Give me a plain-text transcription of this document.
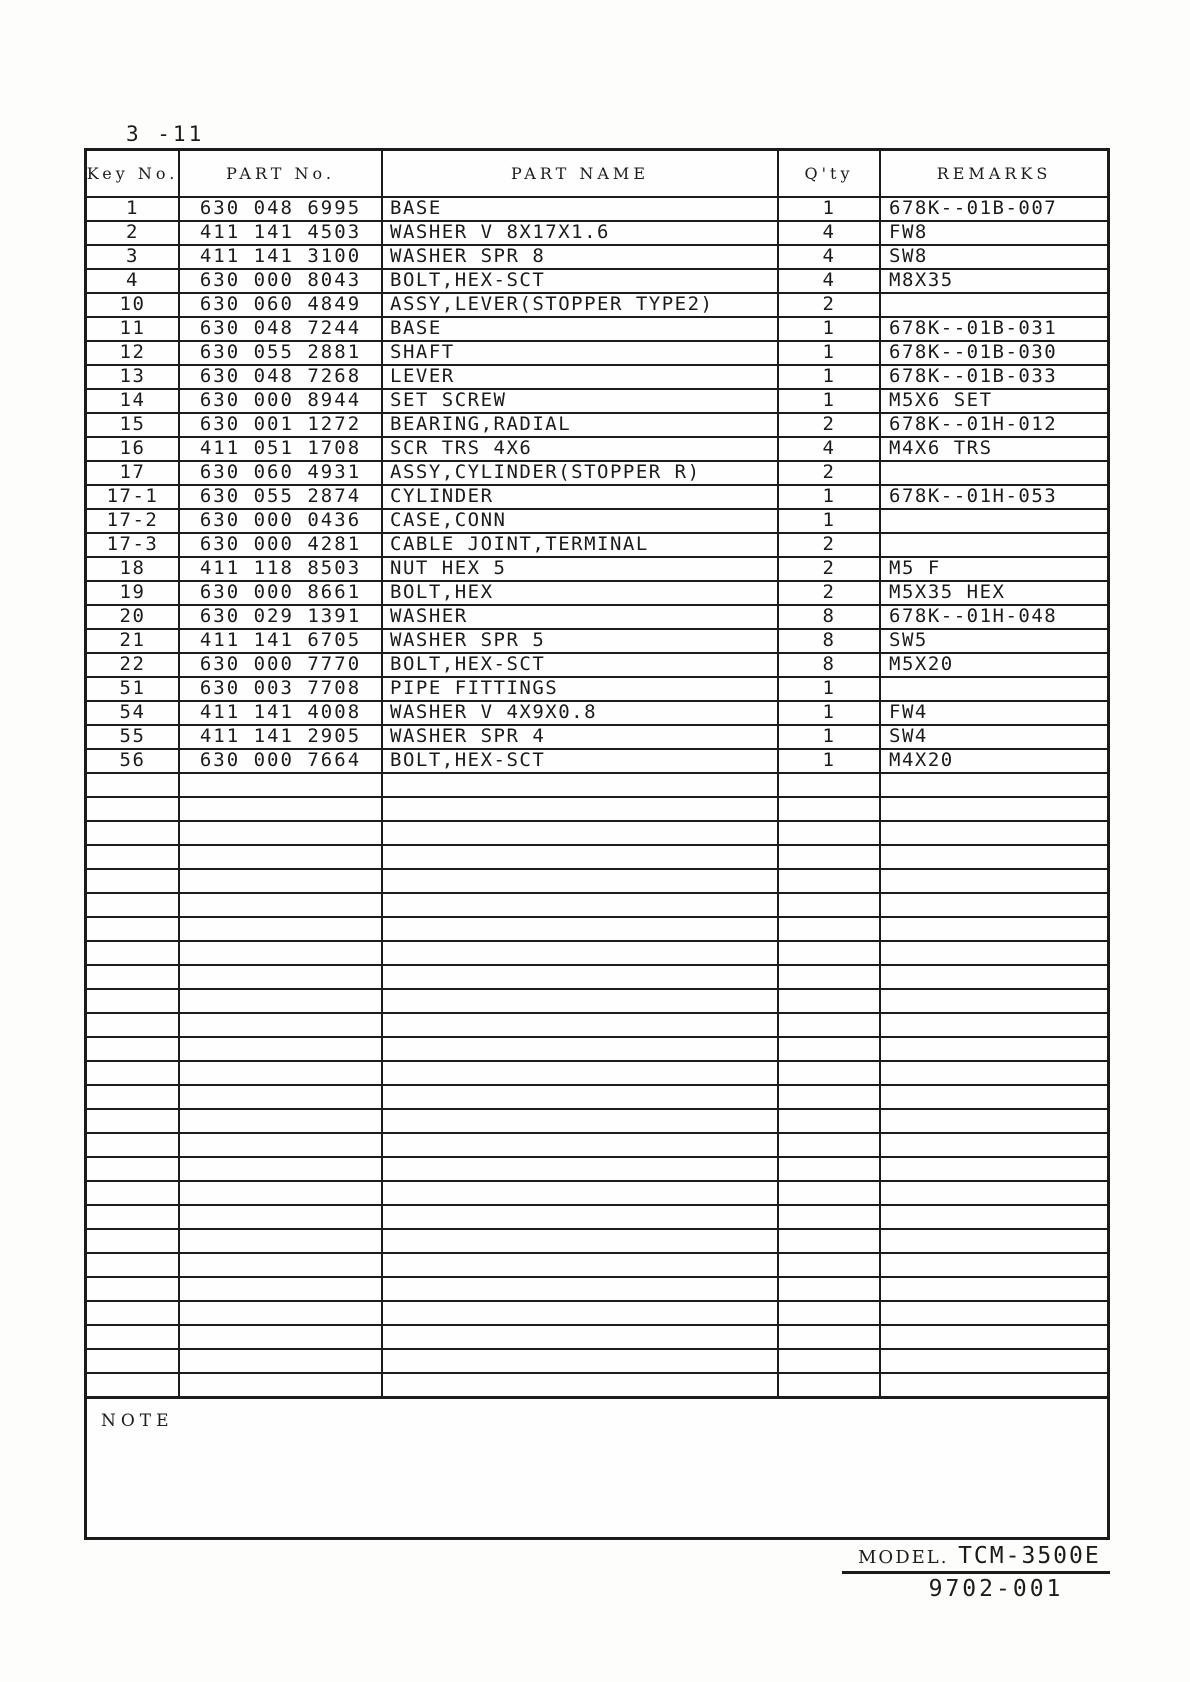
3 -11
Key No.	PART No.	PART NAME	Q'ty	REMARKS
1	630 048 6995	BASE	1	678K--01B-007
2	411 141 4503	WASHER V 8X17X1.6	4	FW8
3	411 141 3100	WASHER SPR 8	4	SW8
4	630 000 8043	BOLT,HEX-SCT	4	M8X35
10	630 060 4849	ASSY,LEVER(STOPPER TYPE2)	2
11	630 048 7244	BASE	1	678K--01B-031
12	630 055 2881	SHAFT	1	678K--01B-030
13	630 048 7268	LEVER	1	678K--01B-033
14	630 000 8944	SET SCREW	1	M5X6 SET
15	630 001 1272	BEARING,RADIAL	2	678K--01H-012
16	411 051 1708	SCR TRS 4X6	4	M4X6 TRS
17	630 060 4931	ASSY,CYLINDER(STOPPER R)	2
17-1	630 055 2874	CYLINDER	1	678K--01H-053
17-2	630 000 0436	CASE,CONN	1
17-3	630 000 4281	CABLE JOINT,TERMINAL	2
18	411 118 8503	NUT HEX 5	2	M5 F
19	630 000 8661	BOLT,HEX	2	M5X35 HEX
20	630 029 1391	WASHER	8	678K--01H-048
21	411 141 6705	WASHER SPR 5	8	SW5
22	630 000 7770	BOLT,HEX-SCT	8	M5X20
51	630 003 7708	PIPE FITTINGS	1
54	411 141 4008	WASHER V 4X9X0.8	1	FW4
55	411 141 2905	WASHER SPR 4	1	SW4
56	630 000 7664	BOLT,HEX-SCT	1	M4X20
NOTE
MODEL. TCM-3500E
9702-001
